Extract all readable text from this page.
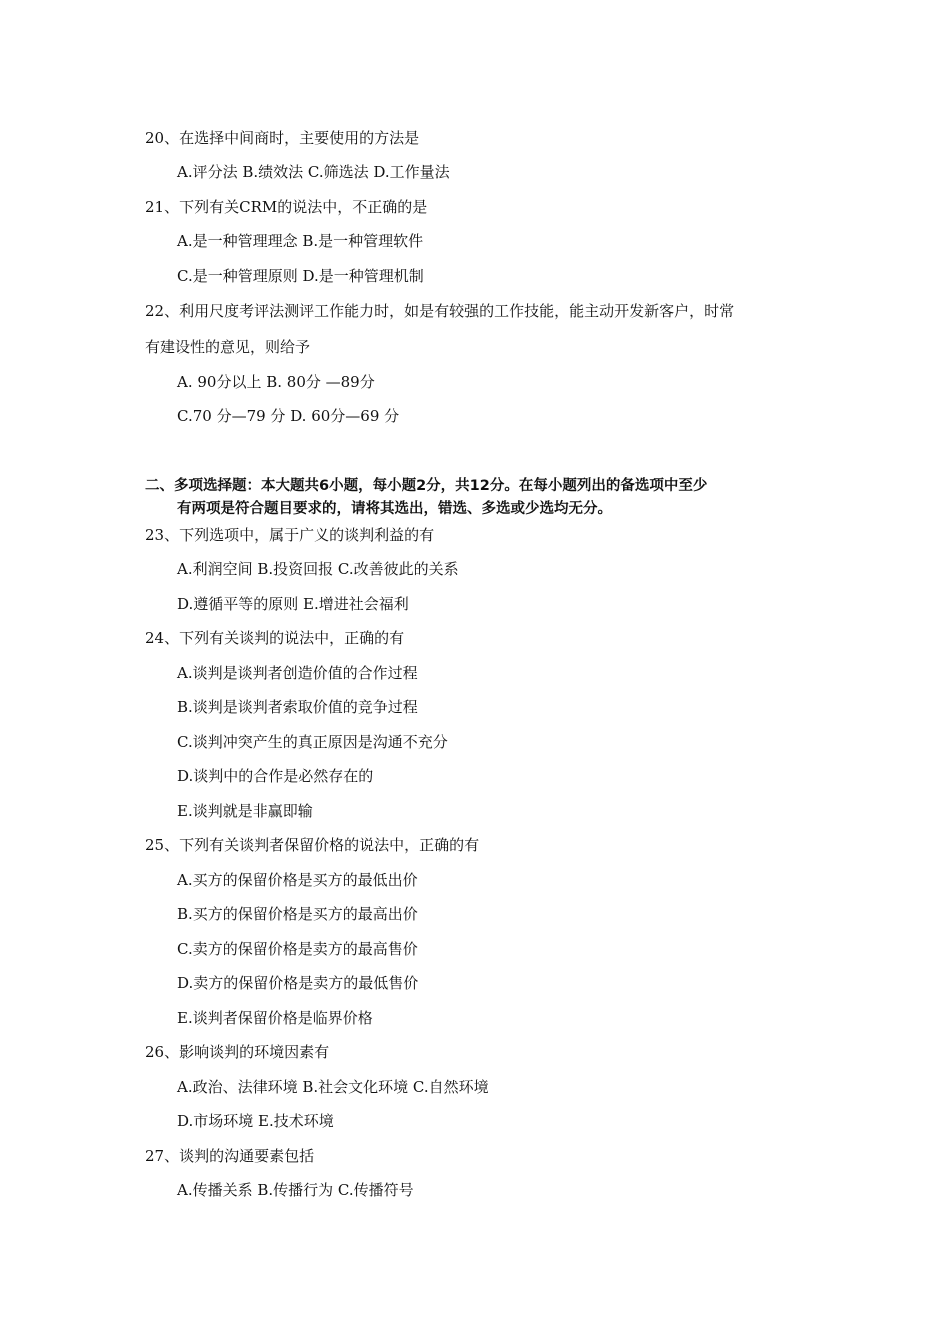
20、在选择中间商时，主要使用的方法是
A.评分法 B.绩效法 C.筛选法 D.工作量法
21、下列有关CRM的说法中，不正确的是
A.是一种管理理念 B.是一种管理软件
C.是一种管理原则 D.是一种管理机制
22、利用尺度考评法测评工作能力时，如是有较强的工作技能，能主动开发新客户，时常
有建设性的意见，则给予
A. 90分以上 B. 80分 —89分
C.70 分—79 分 D. 60分—69 分
二、多项选择题：本大题共6小题，每小题2分，共12分。在每小题列出的备选项中至少
有两项是符合题目要求的，请将其选出，错选、多选或少选均无分。
23、下列选项中，属于广义的谈判利益的有
A.利润空间 B.投资回报 C.改善彼此的关系
D.遵循平等的原则 E.增进社会福利
24、下列有关谈判的说法中，正确的有
A.谈判是谈判者创造价值的合作过程
B.谈判是谈判者索取价值的竞争过程
C.谈判冲突产生的真正原因是沟通不充分
D.谈判中的合作是必然存在的
E.谈判就是非赢即输
25、下列有关谈判者保留价格的说法中，正确的有
A.买方的保留价格是买方的最低出价
B.买方的保留价格是买方的最高出价
C.卖方的保留价格是卖方的最高售价
D.卖方的保留价格是卖方的最低售价
E.谈判者保留价格是临界价格
26、影响谈判的环境因素有
A.政治、法律环境 B.社会文化环境 C.自然环境
D.市场环境 E.技术环境
27、谈判的沟通要素包括
A.传播关系 B.传播行为 C.传播符号
